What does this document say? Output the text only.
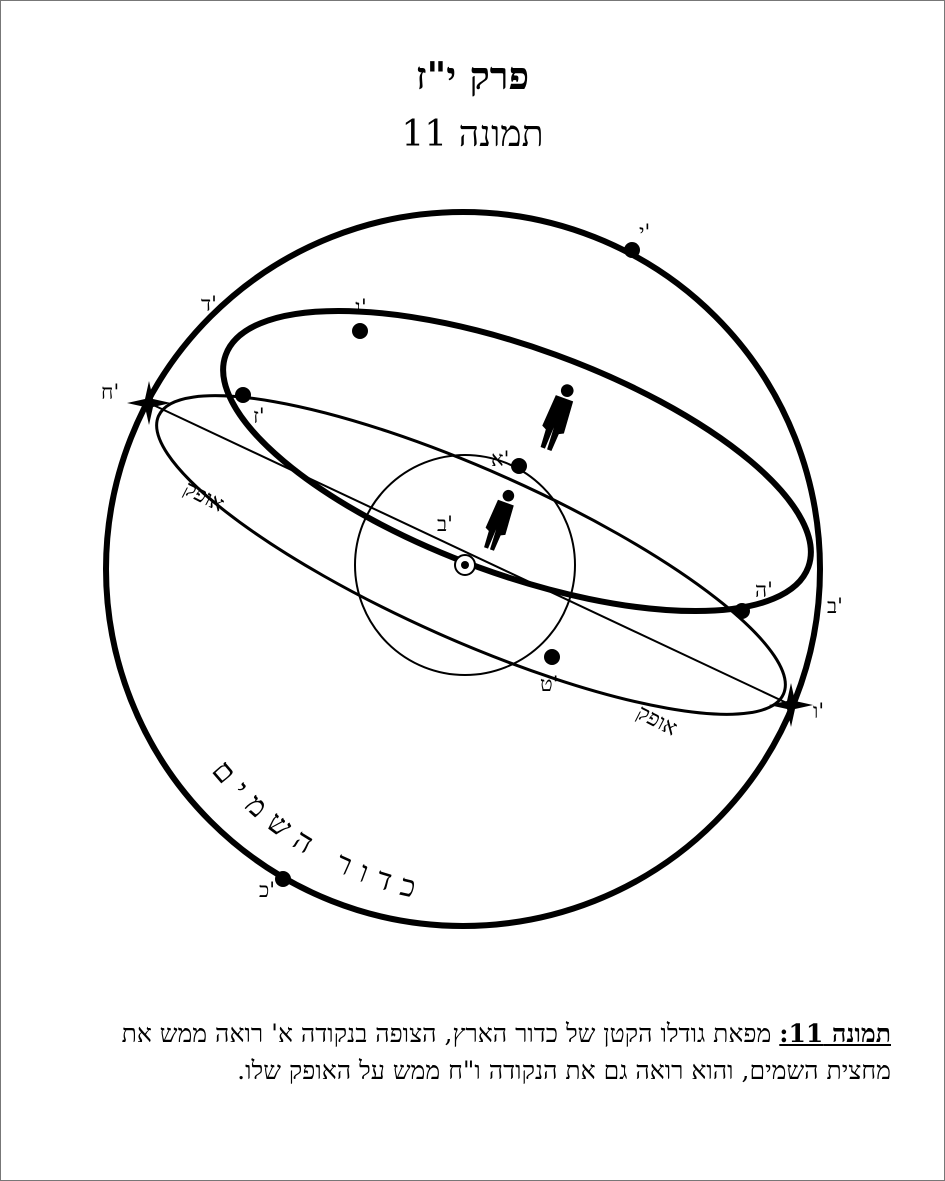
פרק י"ז
תמונה 11
י'
ג'
ד'
ח'
ז'
א'
ב'
ה'
ב'
ט'
ו'
כ'
אופק
אופק
כדור השמים
תמונה 11: מפאת גודלו הקטן של כדור הארץ, הצופה בנקודה א' רואה ממש את מחצית השמים, והוא רואה גם את הנקודה ו"ח ממש על האופק שלו.
